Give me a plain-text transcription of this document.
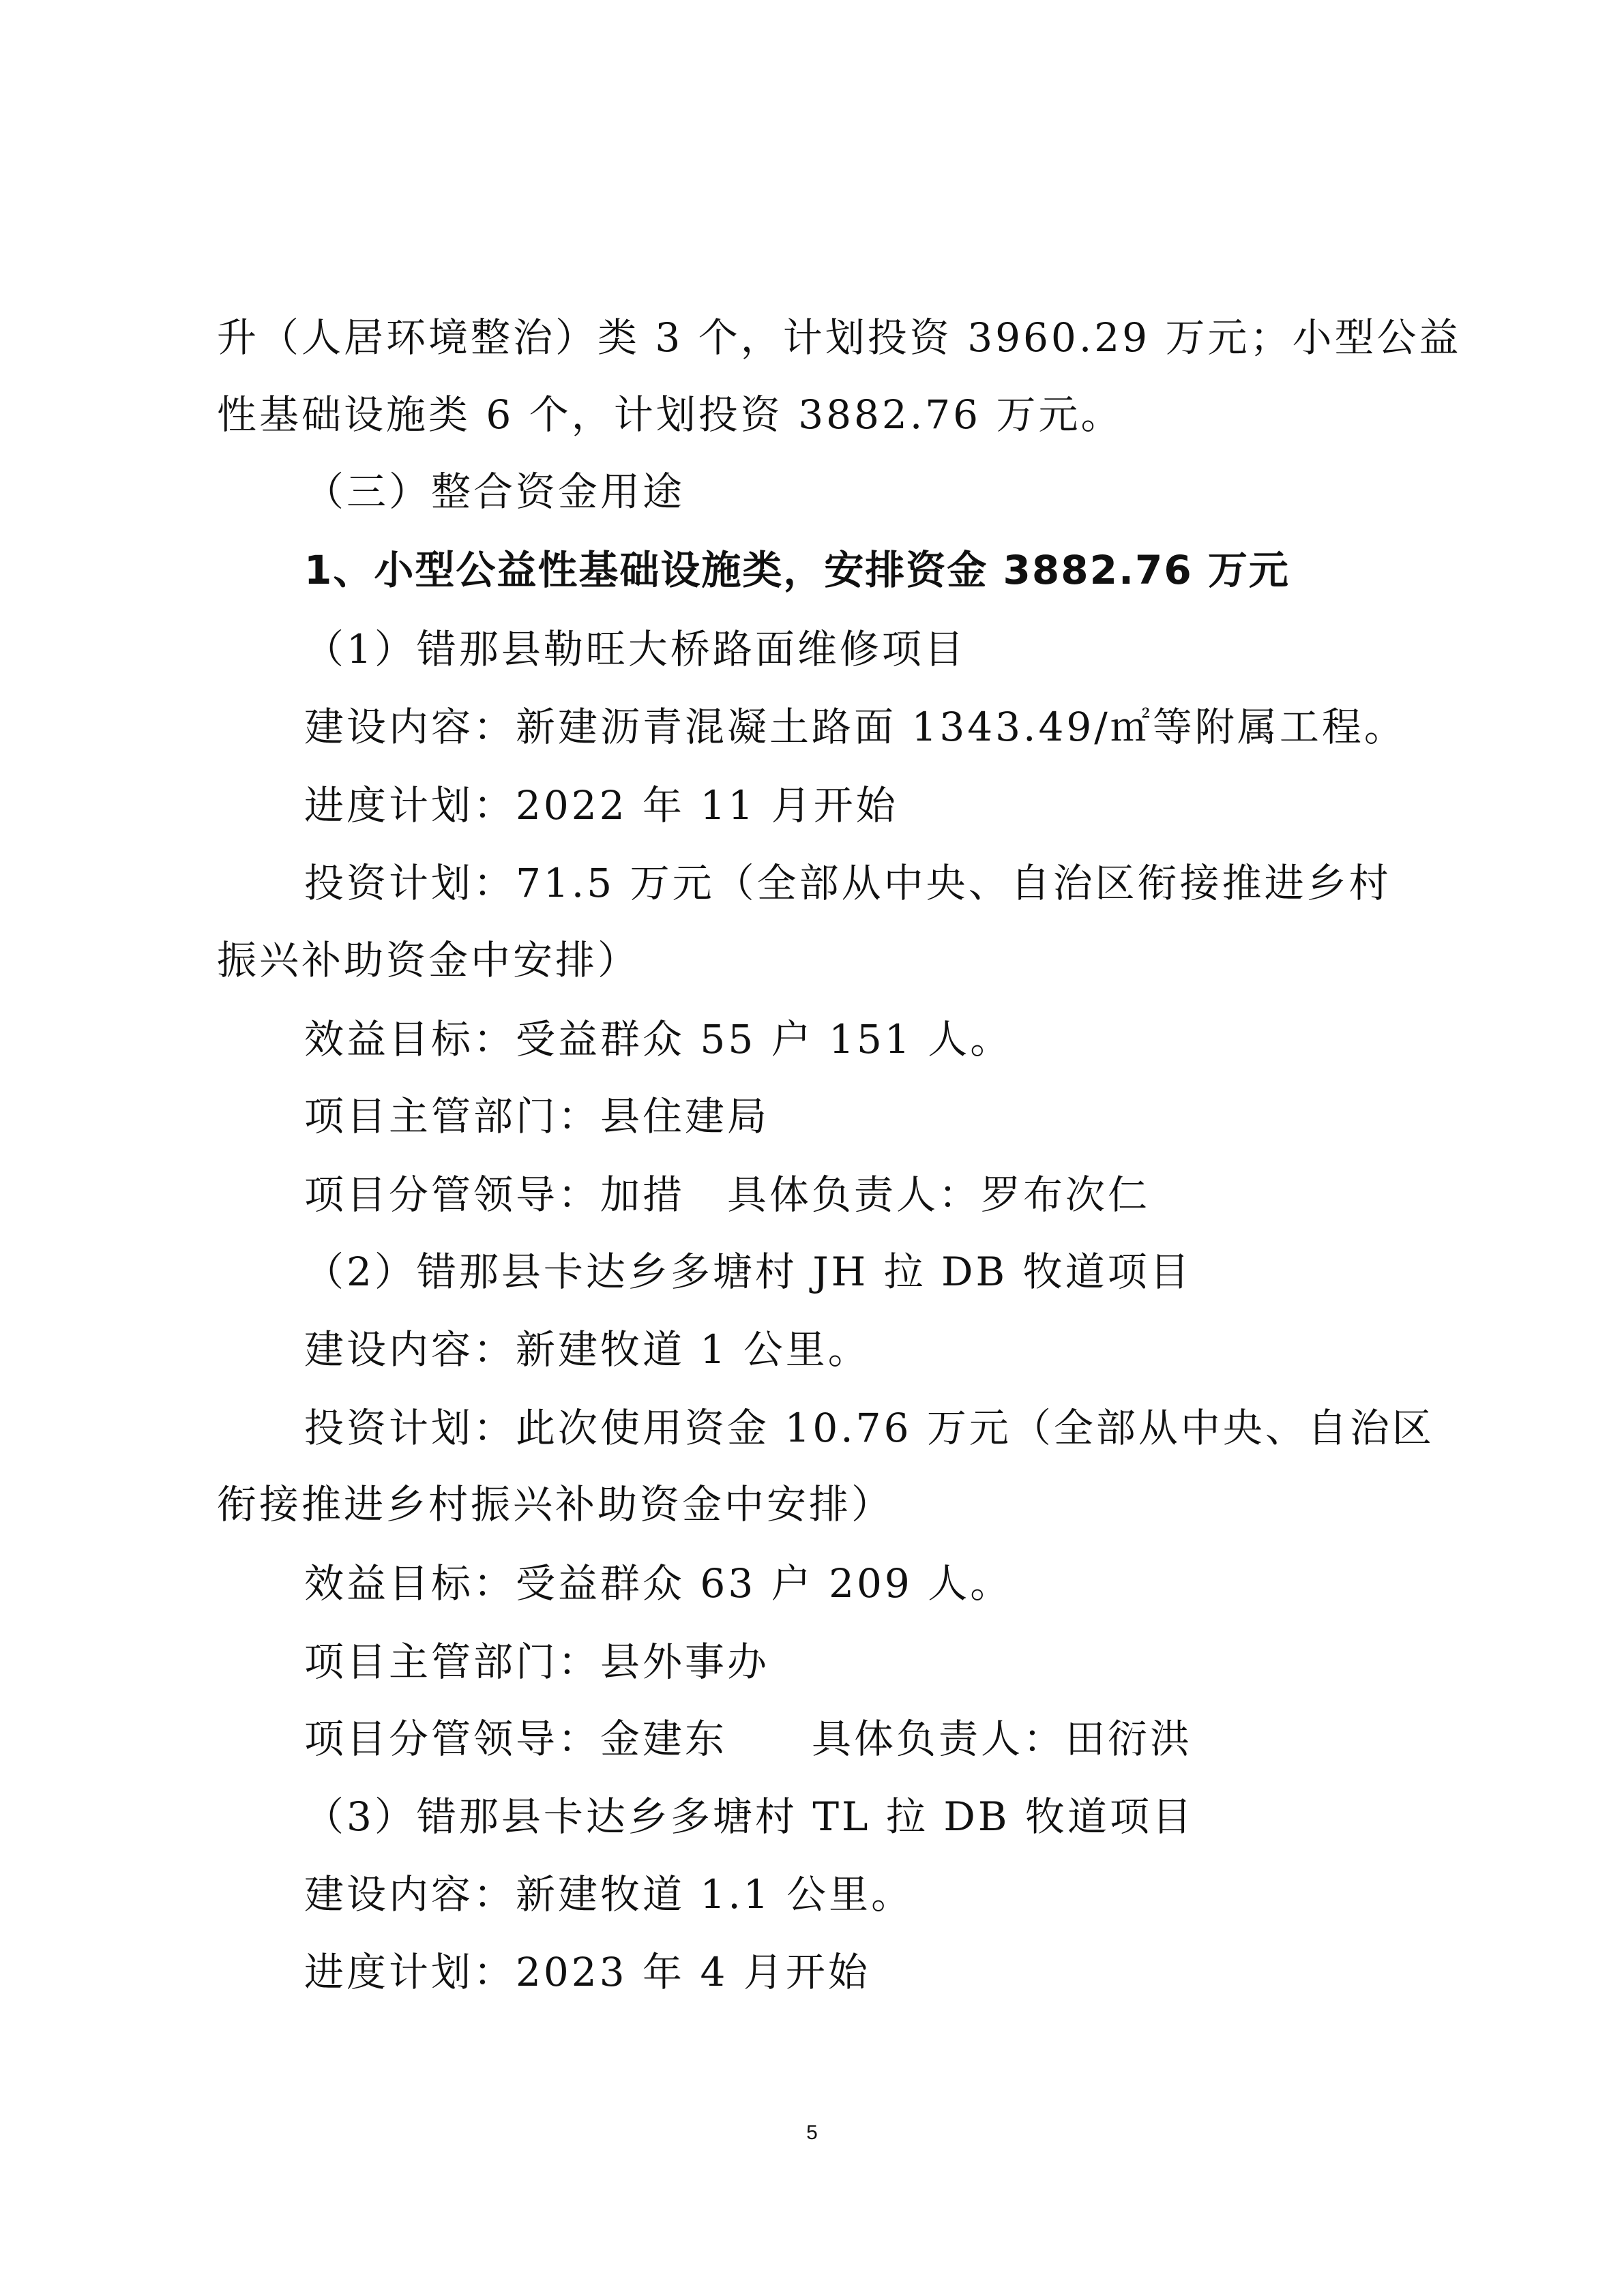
升（人居环境整治）类 3 个，计划投资 3960.29 万元；小型公益
性基础设施类 6 个，计划投资 3882.76 万元。
（三）整合资金用途
1、小型公益性基础设施类，安排资金 3882.76 万元
（1）错那县勒旺大桥路面维修项目
建设内容：新建沥青混凝土路面 1343.49/㎡等附属工程。
进度计划：2022 年 11 月开始
投资计划：71.5 万元（全部从中央、自治区衔接推进乡村
振兴补助资金中安排）
效益目标：受益群众 55 户 151 人。
项目主管部门：县住建局
项目分管领导：加措　具体负责人：罗布次仁
（2）错那县卡达乡多塘村 JH 拉 DB 牧道项目
建设内容：新建牧道 1 公里。
投资计划：此次使用资金 10.76 万元（全部从中央、自治区
衔接推进乡村振兴补助资金中安排）
效益目标：受益群众 63 户 209 人。
项目主管部门：县外事办
项目分管领导：金建东　　具体负责人：田衍洪
（3）错那县卡达乡多塘村 TL 拉 DB 牧道项目
建设内容：新建牧道 1.1 公里。
进度计划：2023 年 4 月开始
5
